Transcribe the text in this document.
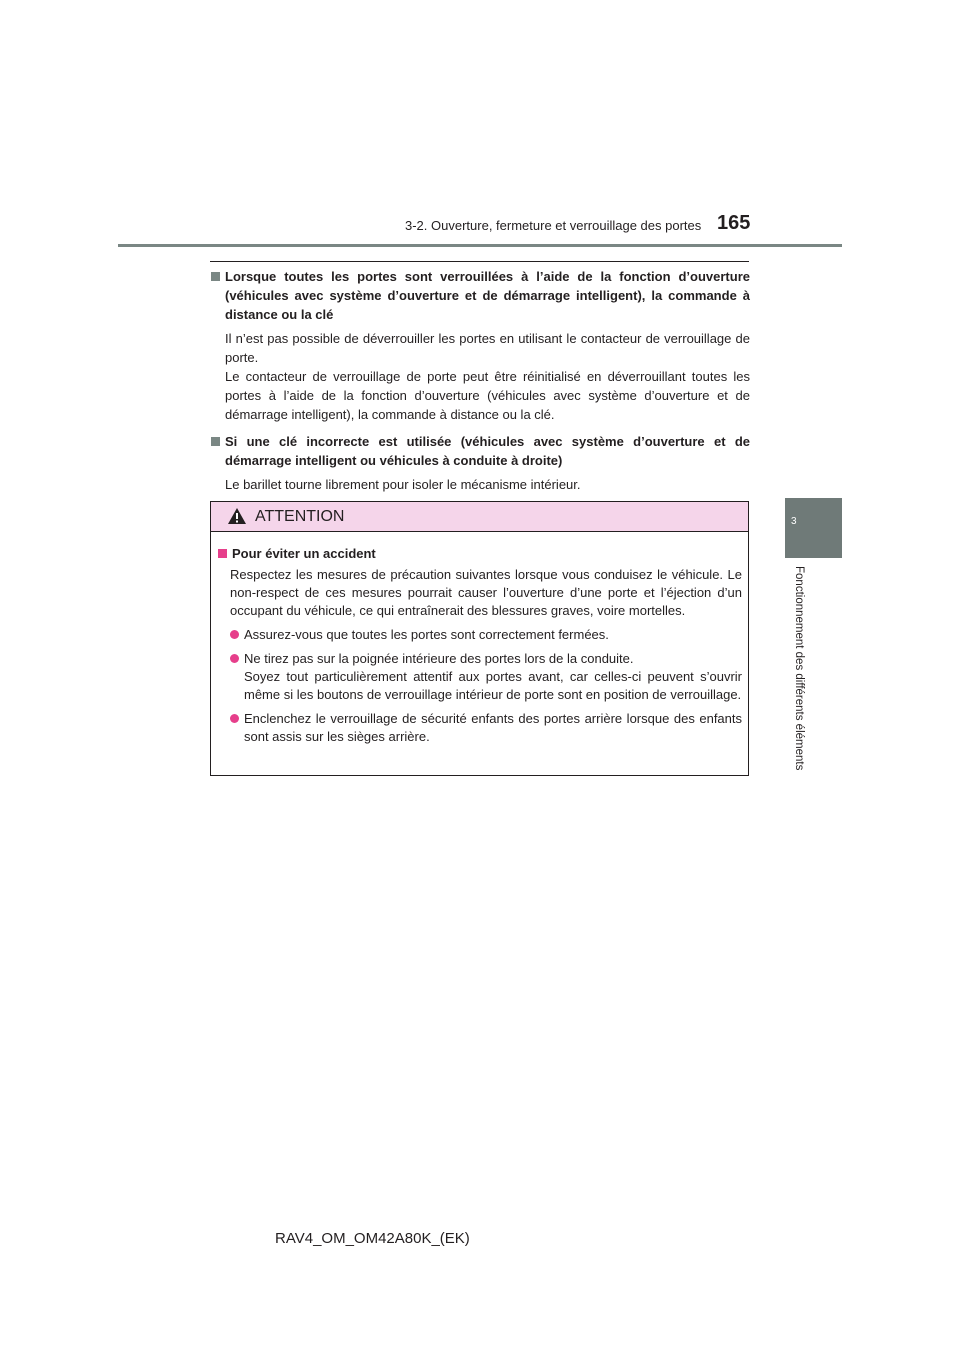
3-2. Ouverture, fermeture et verrouillage des portes 165
3
Fonctionnement des différents éléments
Lorsque toutes les portes sont verrouillées à l’aide de la fonction d’ouverture (véhicules avec système d’ouverture et de démarrage intelligent), la commande à distance ou la clé

Il n’est pas possible de déverrouiller les portes en utilisant le contacteur de verrouillage de porte.

Le contacteur de verrouillage de porte peut être réinitialisé en déverrouillant toutes les portes à l’aide de la fonction d’ouverture (véhicules avec système d’ouverture et de démarrage intelligent), la commande à distance ou la clé.

Si une clé incorrecte est utilisée (véhicules avec système d’ouverture et de démarrage intelligent ou véhicules à conduite à droite)

Le barillet tourne librement pour isoler le mécanisme intérieur.

ATTENTION
Pour éviter un accident
Respectez les mesures de précaution suivantes lorsque vous conduisez le véhicule. Le non-respect de ces mesures pourrait causer l’ouverture d’une porte et l’éjection d’un occupant du véhicule, ce qui entraînerait des blessures graves, voire mortelles.
Assurez-vous que toutes les portes sont correctement fermées.
Ne tirez pas sur la poignée intérieure des portes lors de la conduite.
Soyez tout particulièrement attentif aux portes avant, car celles-ci peuvent s’ouvrir même si les boutons de verrouillage intérieur de porte sont en position de verrouillage.
Enclenchez le verrouillage de sécurité enfants des portes arrière lorsque des enfants sont assis sur les sièges arrière.
RAV4_OM_OM42A80K_(EK)
